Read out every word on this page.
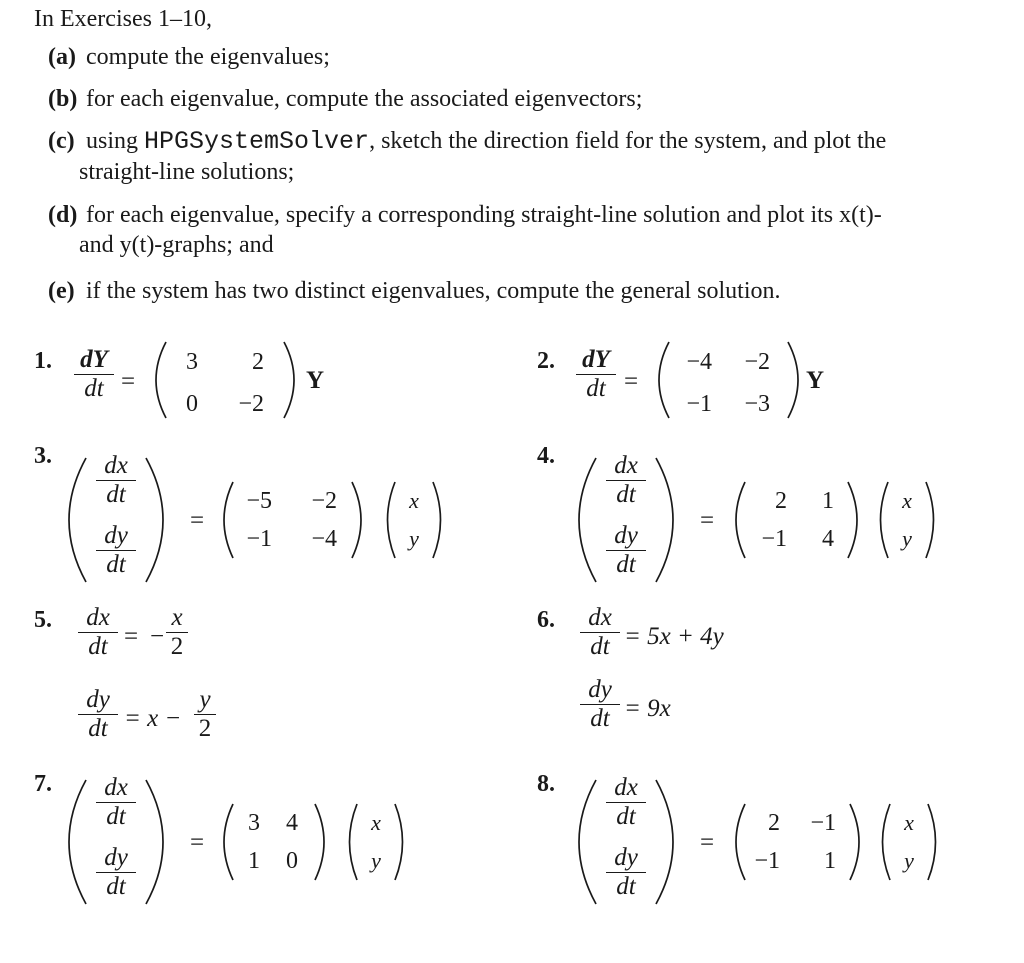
In Exercises 1–10,
(a) compute the eigenvalues;
(b) for each eigenvalue, compute the associated eigenvectors;
(c) using HPGSystemSolver, sketch the direction field for the system, and plot the
straight-line solutions;
(d) for each eigenvalue, specify a corresponding straight-line solution and plot its x(t)-
and y(t)-graphs; and
(e) if the system has two distinct eigenvalues, compute the general solution.
1. dY
dt =
3	2
0 −2
Y
2. dY
dt =
−4 −2
−1 −3
Y
3.	dx
dt
dy
dt
=
−5 −2
−1 −4
x
y
4.	dx
dt
dy
dt
=
2	1
−1	4
x
y
5.	dx
dt = −
x
2
dy
dt = x −
y
2
6.	dx
dt = 5x + 4y
dy
dt = 9x
7.	dx
dt
dy
dt
=
3	4
1	0
x
y
8.	dx
dt
dy
dt
=
2 −1
−1	1
x
y
